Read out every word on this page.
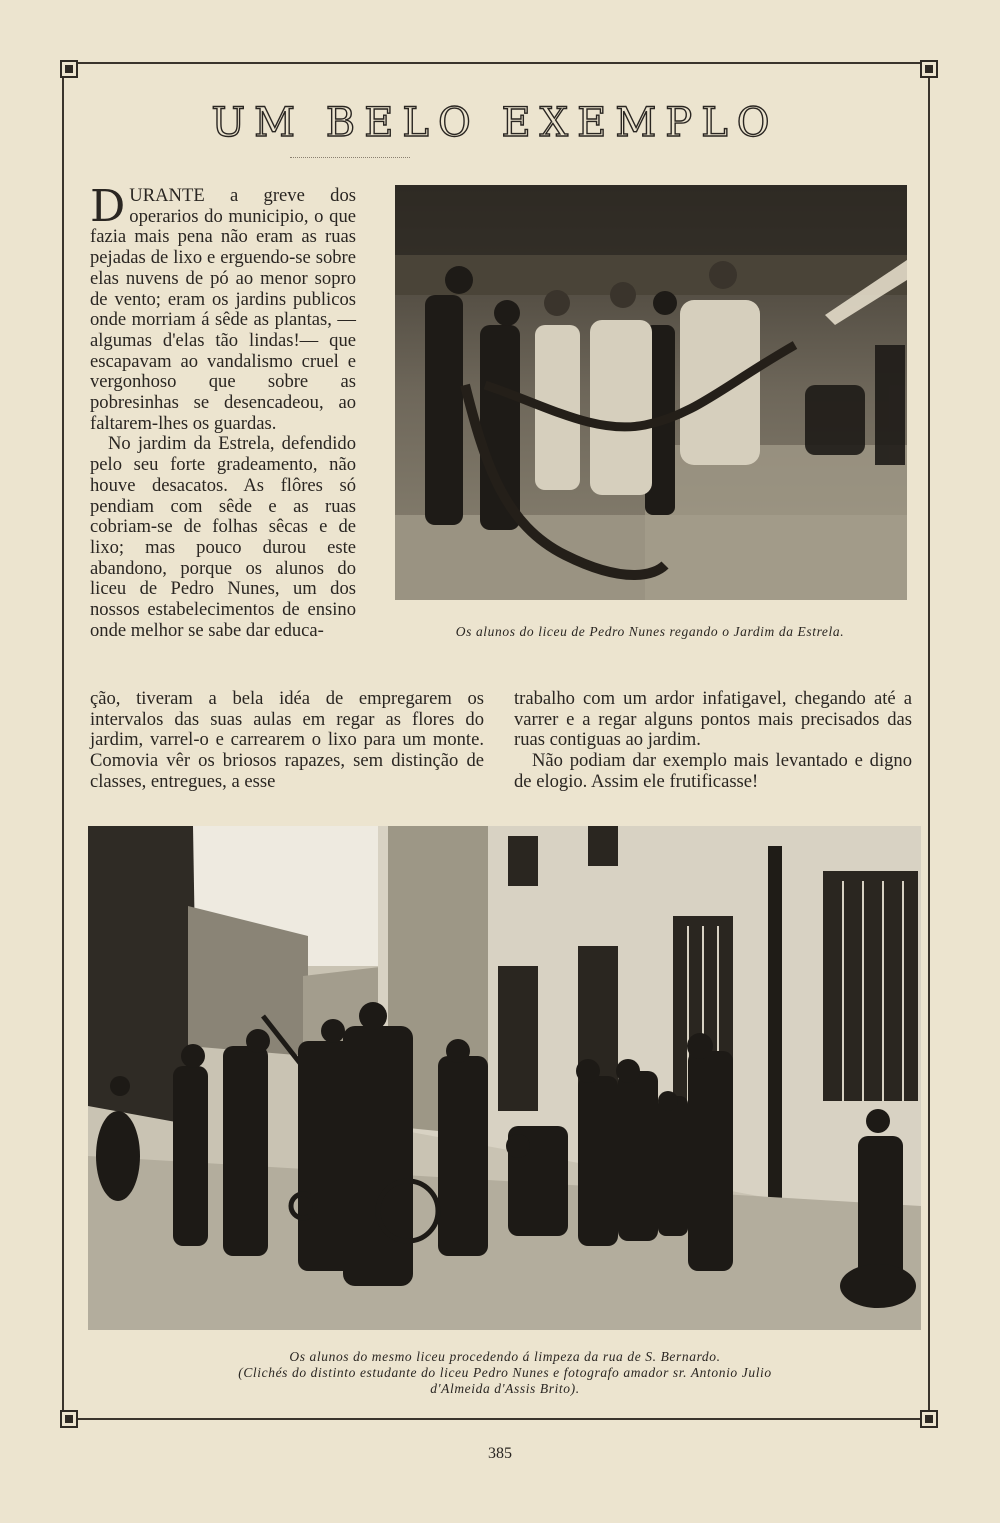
UM BELO EXEMPLO

DURANTE a greve dos operarios do municipio, o que fazia mais pena não eram as ruas pejadas de lixo e erguendo-se sobre elas nuvens de pó ao menor sopro de vento; eram os jardins publicos onde morriam á sêde as plantas, —algumas d'elas tão lindas!— que escapavam ao vandalismo cruel e vergonhoso que sobre as pobresinhas se desencadeou, ao faltarem-lhes os guardas.

No jardim da Estrela, defendido pelo seu forte gradeamento, não houve desacatos. As flôres só pendiam com sêde e as ruas cobriam-se de folhas sêcas e de lixo; mas pouco durou este abandono, porque os alunos do liceu de Pedro Nunes, um dos nossos estabelecimentos de ensino onde melhor se sabe dar educa-

ção, tiveram a bela idéa de empregarem os intervalos das suas aulas em regar as flores do jardim, varrel-o e carrearem o lixo para um monte. Comovia vêr os briosos rapazes, sem distinção de classes, entregues, a esse

trabalho com um ardor infatigavel, chegando até a varrer e a regar alguns pontos mais precisados das ruas contiguas ao jardim.

Não podiam dar exemplo mais levantado e digno de elogio. Assim ele frutificasse!

Os alunos do liceu de Pedro Nunes regando o Jardim da Estrela.

Os alunos do mesmo liceu procedendo á limpeza da rua de S. Bernardo.
(Clichés do distinto estudante do liceu Pedro Nunes e fotografo amador sr. Antonio Julio
d'Almeida d'Assis Brito).

385
